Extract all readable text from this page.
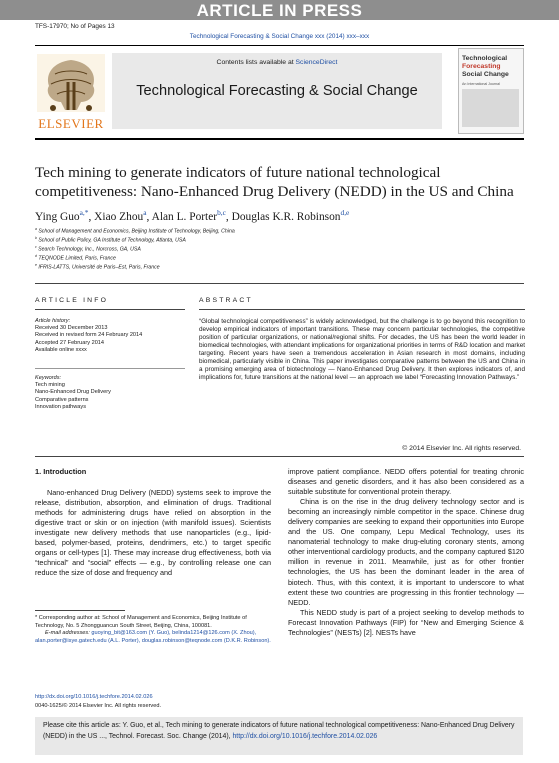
ARTICLE IN PRESS
TFS-17970; No of Pages 13
Technological Forecasting & Social Change xxx (2014) xxx–xxx
ELSEVIER
Contents lists available at ScienceDirect
Technological Forecasting & Social Change
Technological
Forecasting
Social Change
An International Journal
Tech mining to generate indicators of future national technological competitiveness: Nano-Enhanced Drug Delivery (NEDD) in the US and China
Ying Guo$^{a,*}$, Xiao Zhou$^a$, Alan L. Porter$^{b,c}$, Douglas K.R. Robinson$^{d,e}$
$^a$ School of Management and Economics, Beijing Institute of Technology, Beijing, China
$^b$ School of Public Policy, GA Institute of Technology, Atlanta, USA
$^c$ Search Technology, Inc., Norcross, GA, USA
$^d$ TEQNODE Limited, Paris, France
$^e$ IFRIS-LATTS, Université de Paris–Est, Paris, France
ARTICLE INFO
Article history:
Received 30 December 2013
Received in revised form 24 February 2014
Accepted 27 February 2014
Available online xxxx
Keywords:
Tech mining
Nano-Enhanced Drug Delivery
Comparative patterns
Innovation pathways
ABSTRACT
“Global technological competitiveness” is widely acknowledged, but the challenge is to go beyond this recognition to develop empirical indicators of important transitions. These may concern particular technologies, the competitive position of particular organizations, or national/regional shifts. For decades, the US has been the world leader in biomedical technologies, with attendant implications for organizational priorities in terms of R&D location and market targeting. Recent years have seen a tremendous acceleration in Asian research in most domains, including biomedical, particularly visible in China. This paper investigates comparative patterns between the US and China in a promising emerging area of biotechnology — Nano-Enhanced Drug Delivery. It then explores indicators of, and implications for, future transitions at the national level — an approach we label “Forecasting Innovation Pathways.”
© 2014 Elsevier Inc. All rights reserved.
1. Introduction

Nano-enhanced Drug Delivery (NEDD) systems seek to improve the release, distribution, absorption, and elimination of drugs. Traditional methods for administering drugs have relied on absorption in the digestive tract or skin or on injection (with manifold issues). Scientists investigate new delivery methods that use nanoparticles (e.g., lipid-based, polymer-based, proteins, dendrimers, etc.) to target specific organs or cell-types [1]. These may increase drug effectiveness, both via “technical” and “social” effects — e.g., by controlling release one can reduce the size of dose and frequency and

* Corresponding author at: School of Management and Economics, Beijing Institute of Technology, No. 5 Zhongguancun South Street, Beijing, China, 100081.
E-mail addresses: guoying_bit@163.com (Y. Guo), belinda1214@126.com (X. Zhou), alan.porter@isye.gatech.edu (A.L. Porter), douglas.robinson@teqnode.com (D.K.R. Robinson).

improve patient compliance. NEDD offers potential for treating chronic diseases and genetic disorders, and it has also been considered as a suitable substitute for conventional protein therapy.

China is on the rise in the drug delivery technology sector and is becoming an increasingly nimble competitor in the space. Chinese drug delivery companies are seeking to expand their opportunities into Europe and the US. One company, Lepu Medical Technology, uses its nanomaterial technology to make drug-eluting coronary stents, among other interventional cardiology products, and the company captured $120 million in revenue in 2011. Meanwhile, just as for other frontier technologies, the US has been the dominant leader in the area of biotech. Thus, with this context, it is important to underscore to what extent these two countries are progressing in this frontier technology — NEDD.

This NEDD study is part of a project seeking to develop methods to Forecast Innovation Pathways (FIP) for “New and Emerging Science & Technologies” (NESTs) [2]. NESTs have

http://dx.doi.org/10.1016/j.techfore.2014.02.026
0040-1625/© 2014 Elsevier Inc. All rights reserved.
Please cite this article as: Y. Guo, et al., Tech mining to generate indicators of future national technological competitiveness: Nano-Enhanced Drug Delivery (NEDD) in the US ..., Technol. Forecast. Soc. Change (2014), http://dx.doi.org/10.1016/j.techfore.2014.02.026
